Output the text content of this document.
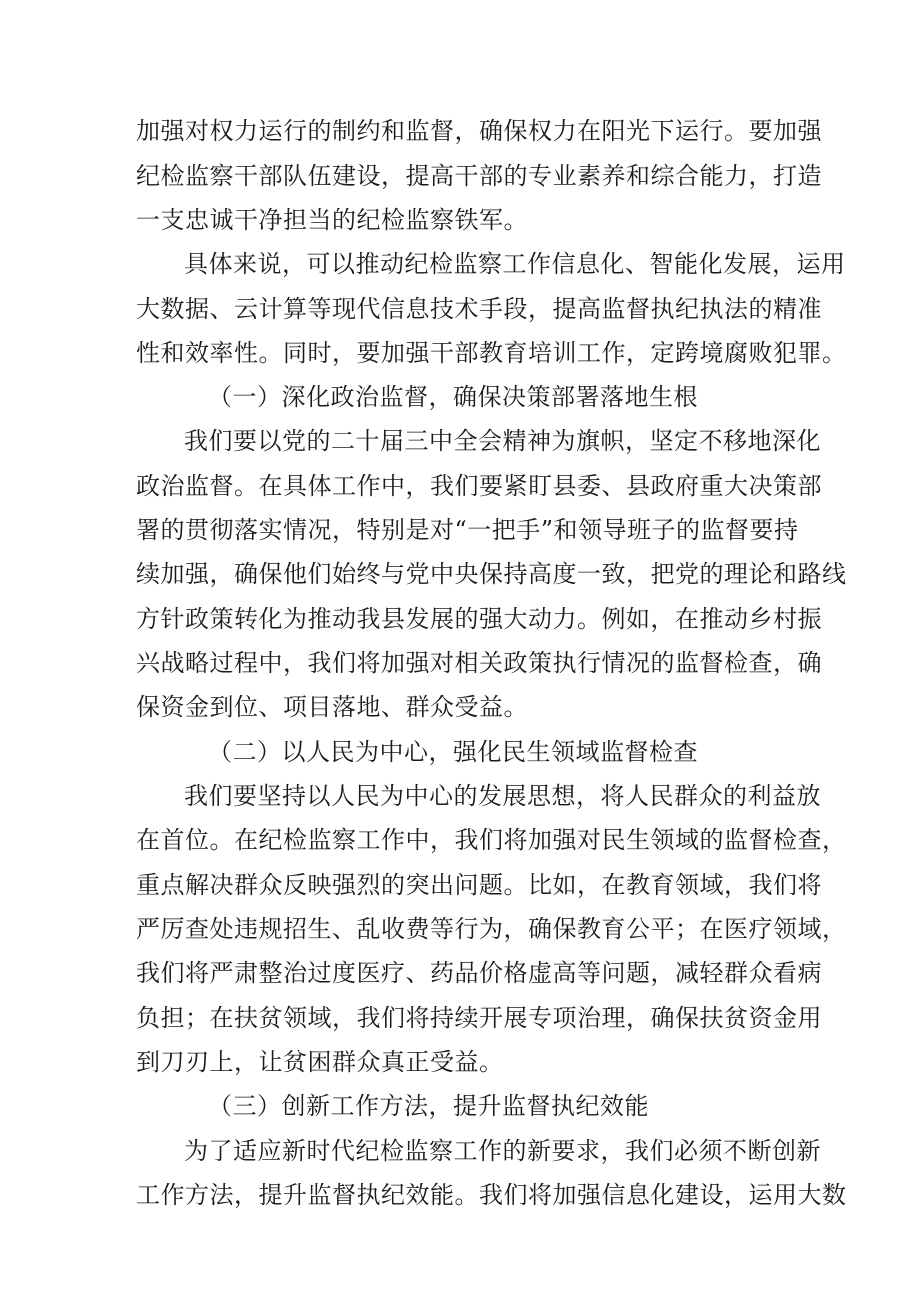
加强对权力运行的制约和监督，确保权力在阳光下运行。要加强
纪检监察干部队伍建设，提高干部的专业素养和综合能力，打造
一支忠诚干净担当的纪检监察铁军。
具体来说，可以推动纪检监察工作信息化、智能化发展，运用
大数据、云计算等现代信息技术手段，提高监督执纪执法的精准
性和效率性。同时，要加强干部教育培训工作，定跨境腐败犯罪。
（一）深化政治监督，确保决策部署落地生根
我们要以党的二十届三中全会精神为旗帜，坚定不移地深化
政治监督。在具体工作中，我们要紧盯县委、县政府重大决策部
署的贯彻落实情况，特别是对“一把手”和领导班子的监督要持
续加强，确保他们始终与党中央保持高度一致，把党的理论和路线
方针政策转化为推动我县发展的强大动力。例如，在推动乡村振
兴战略过程中，我们将加强对相关政策执行情况的监督检查，确
保资金到位、项目落地、群众受益。
（二）以人民为中心，强化民生领域监督检查
我们要坚持以人民为中心的发展思想，将人民群众的利益放
在首位。在纪检监察工作中，我们将加强对民生领域的监督检查，
重点解决群众反映强烈的突出问题。比如，在教育领域，我们将
严厉查处违规招生、乱收费等行为，确保教育公平；在医疗领域，
我们将严肃整治过度医疗、药品价格虚高等问题，减轻群众看病
负担；在扶贫领域，我们将持续开展专项治理，确保扶贫资金用
到刀刃上，让贫困群众真正受益。
（三）创新工作方法，提升监督执纪效能
为了适应新时代纪检监察工作的新要求，我们必须不断创新
工作方法，提升监督执纪效能。我们将加强信息化建设，运用大数
